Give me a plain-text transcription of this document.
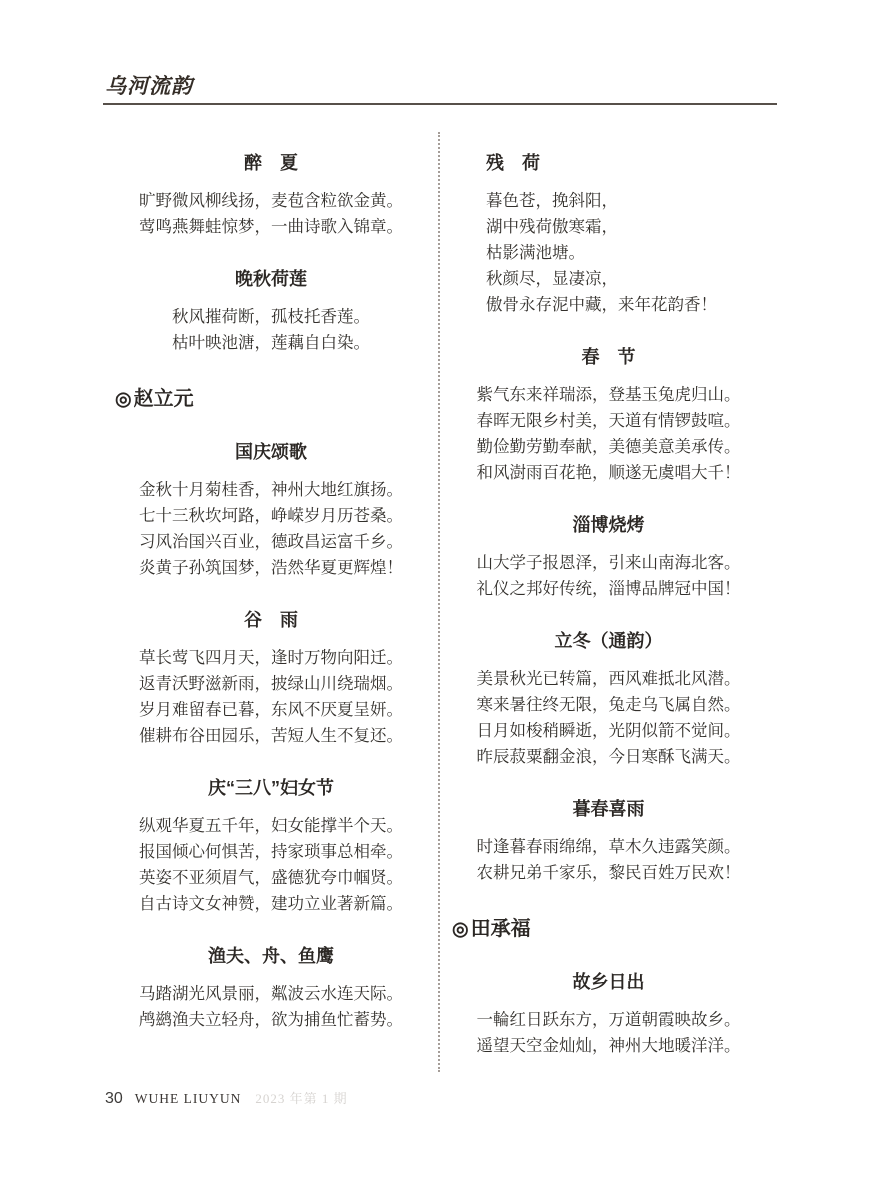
乌河流韵
醉　夏

旷野微风柳线扬，麦苞含粒欲金黄。

莺鸣燕舞蛙惊梦，一曲诗歌入锦章。

晚秋荷莲

秋风摧荷断，孤枝托香莲。

枯叶映池溏，莲藕自白染。

◎ 赵立元
国庆颂歌

金秋十月菊桂香，神州大地红旗扬。

七十三秋坎坷路，峥嵘岁月历苍桑。

习风治国兴百业，德政昌运富千乡。

炎黄子孙筑国梦，浩然华夏更辉煌！

谷　雨

草长莺飞四月天，逢时万物向阳迁。

返青沃野滋新雨，披绿山川绕瑞烟。

岁月难留春已暮，东风不厌夏呈妍。

催耕布谷田园乐，苦短人生不复还。

庆“三八”妇女节

纵观华夏五千年，妇女能撑半个天。

报国倾心何惧苦，持家琐事总相牵。

英姿不亚须眉气，盛德犹夸巾帼贤。

自古诗文女神赞，建功立业著新篇。

渔夫、舟、鱼鹰

马踏湖光风景丽，粼波云水连天际。

鸬鹚渔夫立轻舟，欲为捕鱼忙蓄势。

残　荷

暮色苍，挽斜阳，

湖中残荷傲寒霜，

枯影满池塘。

秋颜尽，显凄凉，

傲骨永存泥中藏，来年花韵香！

春　节

紫气东来祥瑞添，登基玉兔虎归山。

春晖无限乡村美，天道有情锣鼓喧。

勤俭勤劳勤奉献，美德美意美承传。

和风澍雨百花艳，顺遂无虞唱大千！

淄博烧烤

山大学子报恩泽，引来山南海北客。

礼仪之邦好传统，淄博品牌冠中国！

立冬（通韵）

美景秋光已转篇，西风难抵北风潜。

寒来暑往终无限，兔走乌飞属自然。

日月如梭稍瞬逝，光阴似箭不觉间。

昨辰菽粟翻金浪，今日寒酥飞满天。

暮春喜雨

时逢暮春雨绵绵，草木久违露笑颜。

农耕兄弟千家乐，黎民百姓万民欢！

◎ 田承福
故乡日出

一輪红日跃东方，万道朝霞映故乡。

遥望天空金灿灿，神州大地暖洋洋。

30 WUHE LIUYUN 2023 年第 1 期
